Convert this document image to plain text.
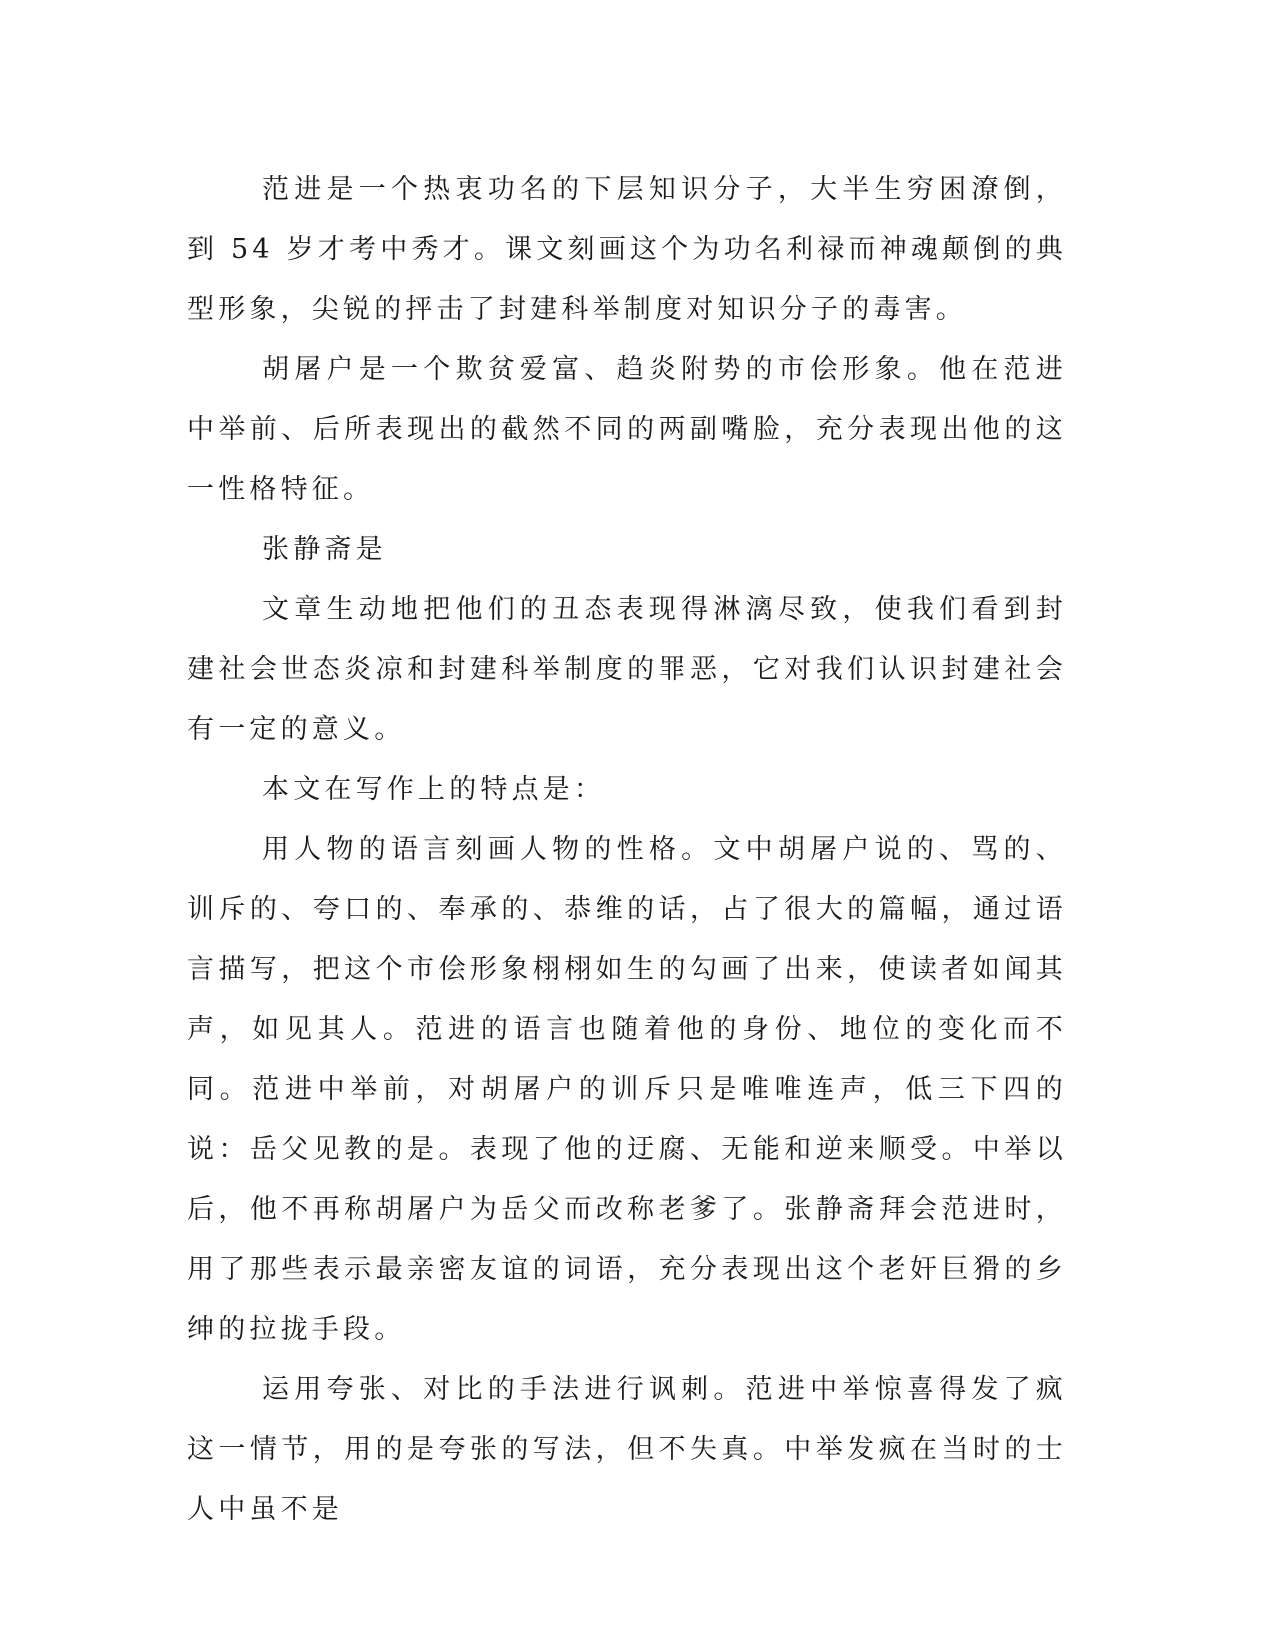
范进是一个热衷功名的下层知识分子，大半生穷困潦倒，到 54 岁才考中秀才。课文刻画这个为功名利禄而神魂颠倒的典型形象，尖锐的抨击了封建科举制度对知识分子的毒害。

胡屠户是一个欺贫爱富、趋炎附势的市侩形象。他在范进中举前、后所表现出的截然不同的两副嘴脸，充分表现出他的这一性格特征。

张静斋是

文章生动地把他们的丑态表现得淋漓尽致，使我们看到封建社会世态炎凉和封建科举制度的罪恶，它对我们认识封建社会有一定的意义。

本文在写作上的特点是：

用人物的语言刻画人物的性格。文中胡屠户说的、骂的、训斥的、夸口的、奉承的、恭维的话，占了很大的篇幅，通过语言描写，把这个市侩形象栩栩如生的勾画了出来，使读者如闻其声，如见其人。范进的语言也随着他的身份、地位的变化而不同。范进中举前，对胡屠户的训斥只是唯唯连声，低三下四的说：岳父见教的是。表现了他的迂腐、无能和逆来顺受。中举以后，他不再称胡屠户为岳父而改称老爹了。张静斋拜会范进时，用了那些表示最亲密友谊的词语，充分表现出这个老奸巨猾的乡绅的拉拢手段。

运用夸张、对比的手法进行讽刺。范进中举惊喜得发了疯这一情节，用的是夸张的写法，但不失真。中举发疯在当时的士人中虽不是
